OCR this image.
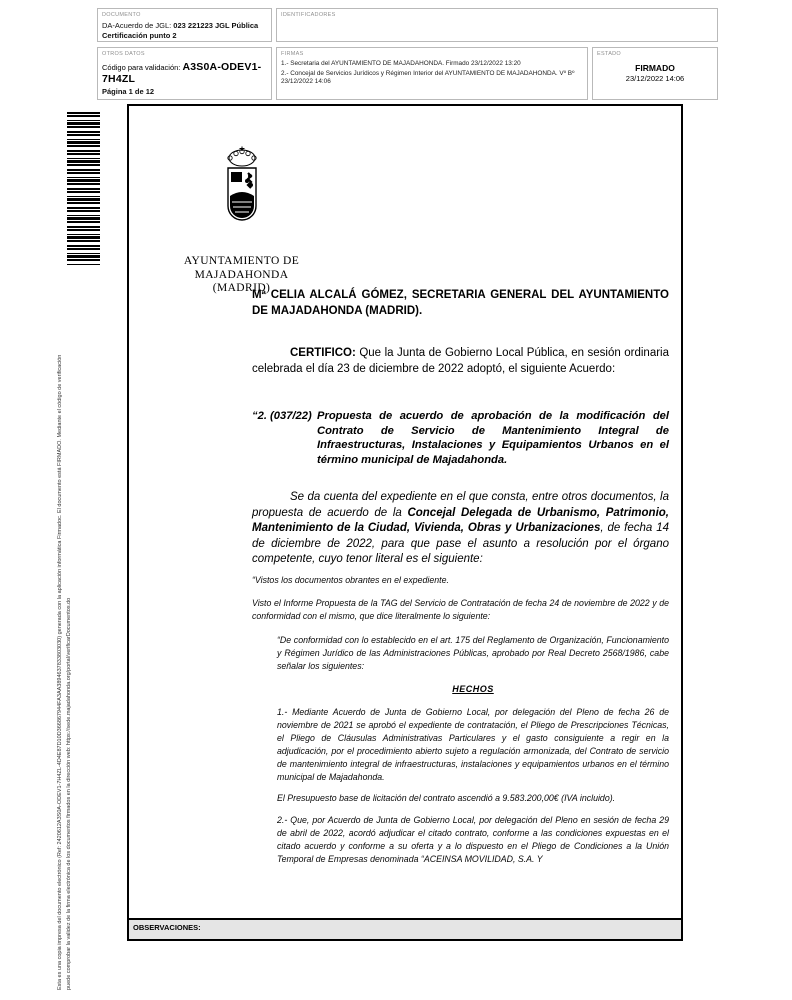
DOCUMENTO
DA-Acuerdo de JGL: 023 221223 JGL Pública
Certificación punto 2
IDENTIFICADORES
OTROS DATOS
Código para validación: A3S0A-ODEV1-7H4ZL
Página 1 de 12
FIRMAS
1.- Secretaria del AYUNTAMIENTO DE MAJADAHONDA. Firmado 23/12/2022 13:20
2.- Concejal de Servicios Jurídicos y Régimen Interior del AYUNTAMIENTO DE MAJADAHONDA. Vº Bº 23/12/2022 14:06
ESTADO
FIRMADO
23/12/2022 14:06
Esta es una copia impresa del documento electrónico (Ref: 2420612A3S0A-ODEV1-7H4ZL-4D4E87D10D366867944FA3AA3894637833803030) generada con la aplicación informática Firmadoc. El documento está FIRMADO. Mediante el código de verificación puede comprobar la validez de la firma electrónica de los documentos firmados en la dirección web: https://sede.majadahonda.org/portal/verificarDocumentos.do
AYUNTAMIENTO DE
MAJADAHONDA
(MADRID)

Mª CELIA ALCALÁ GÓMEZ, SECRETARIA GENERAL DEL AYUNTAMIENTO DE MAJADAHONDA (MADRID).

CERTIFICO: Que la Junta de Gobierno Local Pública, en sesión ordinaria celebrada el día 23 de diciembre de 2022 adoptó, el siguiente Acuerdo:

“2. (037/22) Propuesta de acuerdo de aprobación de la modificación del Contrato de Servicio de Mantenimiento Integral de Infraestructuras, Instalaciones y Equipamientos Urbanos en el término municipal de Majadahonda.

Se da cuenta del expediente en el que consta, entre otros documentos, la propuesta de acuerdo de la Concejal Delegada de Urbanismo, Patrimonio, Mantenimiento de la Ciudad, Vivienda, Obras y Urbanizaciones, de fecha 14 de diciembre de 2022, para que pase el asunto a resolución por el órgano competente, cuyo tenor literal es el siguiente:

“Vistos los documentos obrantes en el expediente.

Visto el Informe Propuesta de la TAG del Servicio de Contratación de fecha 24 de noviembre de 2022 y de conformidad con el mismo, que dice literalmente lo siguiente:

“De conformidad con lo establecido en el art. 175 del Reglamento de Organización, Funcionamiento y Régimen Jurídico de las Administraciones Públicas, aprobado por Real Decreto 2568/1986, cabe señalar los siguientes:

HECHOS

1.- Mediante Acuerdo de Junta de Gobierno Local, por delegación del Pleno de fecha 26 de noviembre de 2021 se aprobó el expediente de contratación, el Pliego de Prescripciones Técnicas, el Pliego de Cláusulas Administrativas Particulares y el gasto consiguiente a regir en la adjudicación, por el procedimiento abierto sujeto a regulación armonizada, del Contrato de servicio de mantenimiento integral de infraestructuras, instalaciones y equipamientos urbanos en el término municipal de Majadahonda.

El Presupuesto base de licitación del contrato ascendió a 9.583.200,00€ (IVA incluido).

2.- Que, por Acuerdo de Junta de Gobierno Local, por delegación del Pleno en sesión de fecha 29 de abril de 2022, acordó adjudicar el citado contrato, conforme a las condiciones expuestas en el citado acuerdo y conforme a su oferta y a lo dispuesto en el Pliego de Condiciones a la Unión Temporal de Empresas denominada “ACEINSA MOVILIDAD, S.A. Y

OBSERVACIONES:
